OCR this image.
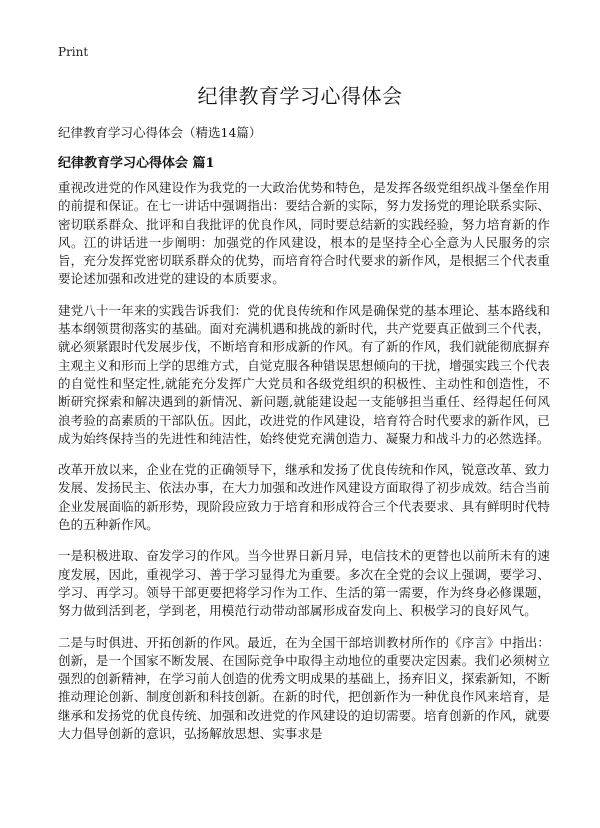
Print
纪律教育学习心得体会
纪律教育学习心得体会（精选14篇）
纪律教育学习心得体会 篇1

重视改进党的作风建设作为我党的一大政治优势和特色，是发挥各级党组织战斗堡垒作用的前提和保证。在七一讲话中强调指出：要结合新的实际，努力发扬党的理论联系实际、密切联系群众、批评和自我批评的优良作风，同时要总结新的实践经验，努力培育新的作风。江的讲话进一步阐明：加强党的作风建设，根本的是坚持全心全意为人民服务的宗旨，充分发挥党密切联系群众的优势，而培育符合时代要求的新作风，是根据三个代表重要论述加强和改进党的建设的本质要求。

建党八十一年来的实践告诉我们：党的优良传统和作风是确保党的基本理论、基本路线和基本纲领贯彻落实的基础。面对充满机遇和挑战的新时代，共产党要真正做到三个代表，就必须紧跟时代发展步伐，不断培育和形成新的作风。有了新的作风，我们就能彻底摒弃主观主义和形而上学的思维方式，自觉克服各种错误思想倾向的干扰，增强实践三个代表的自觉性和坚定性,就能充分发挥广大党员和各级党组织的积极性、主动性和创造性，不断研究探索和解决遇到的新情况、新问题,就能建设起一支能够担当重任、经得起任何风浪考验的高素质的干部队伍。因此，改进党的作风建设，培育符合时代要求的新作风，已成为始终保持当的先进性和纯洁性，始终使党充满创造力、凝聚力和战斗力的必然选择。

改革开放以来，企业在党的正确领导下，继承和发扬了优良传统和作风，锐意改革、致力发展、发扬民主、依法办事，在大力加强和改进作风建设方面取得了初步成效。结合当前企业发展面临的新形势，现阶段应致力于培育和形成符合三个代表要求、具有鲜明时代特色的五种新作风。

一是积极进取、奋发学习的作风。当今世界日新月异，电信技术的更替也以前所未有的速度发展，因此，重视学习、善于学习显得尤为重要。多次在全党的会议上强调，要学习、学习、再学习。领导干部更要把将学习作为工作、生活的第一需要，作为终身必修课题，努力做到活到老，学到老，用模范行动带动部属形成奋发向上、积极学习的良好风气。

二是与时俱进、开拓创新的作风。最近，在为全国干部培训教材所作的《序言》中指出：创新，是一个国家不断发展、在国际竞争中取得主动地位的重要决定因素。我们必须树立强烈的创新精神，在学习前人创造的优秀文明成果的基础上，扬弃旧义，探索新知，不断推动理论创新、制度创新和科技创新。在新的时代，把创新作为一种优良作风来培育，是继承和发扬党的优良传统、加强和改进党的作风建设的迫切需要。培育创新的作风，就要大力倡导创新的意识，弘扬解放思想、实事求是
